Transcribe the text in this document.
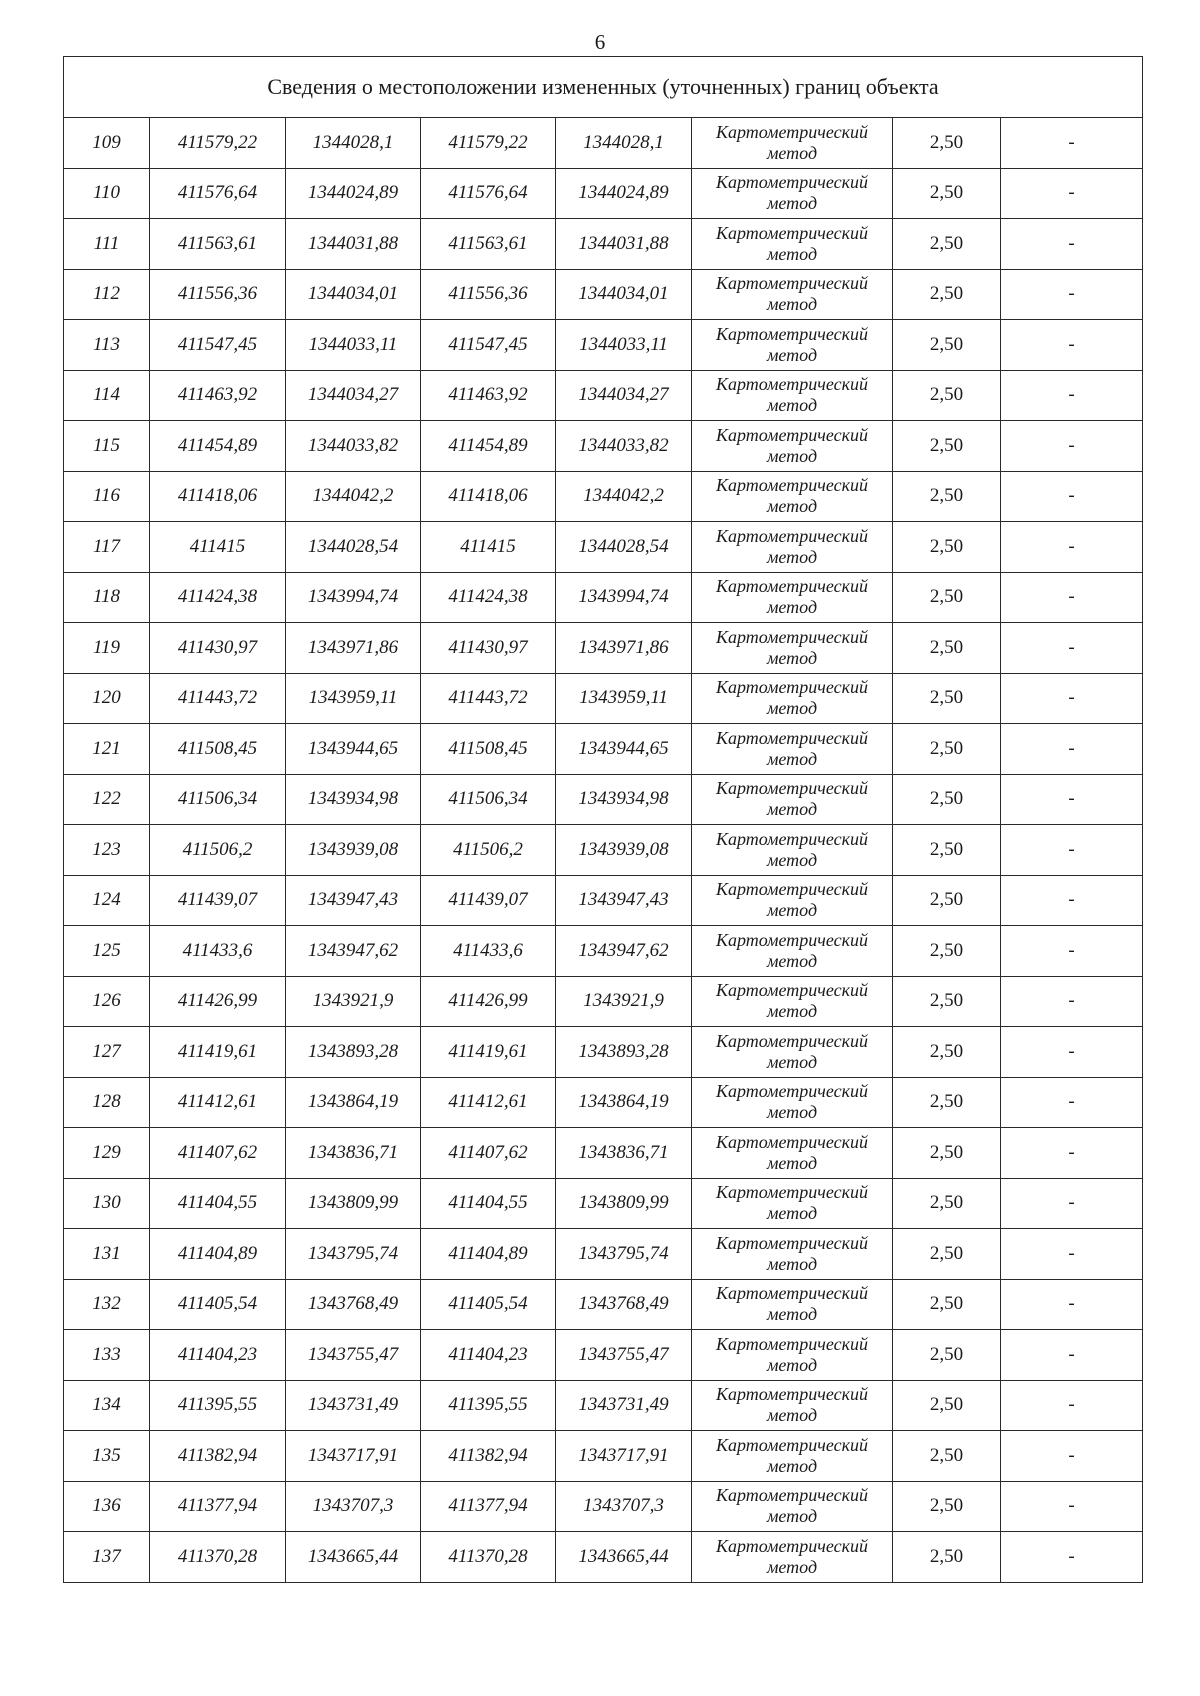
6
Сведения о местоположении измененных (уточненных) границ объекта							
109	411579,22	1344028,1	411579,22	1344028,1	Картометрический метод	2,50	-
110	411576,64	1344024,89	411576,64	1344024,89	Картометрический метод	2,50	-
111	411563,61	1344031,88	411563,61	1344031,88	Картометрический метод	2,50	-
112	411556,36	1344034,01	411556,36	1344034,01	Картометрический метод	2,50	-
113	411547,45	1344033,11	411547,45	1344033,11	Картометрический метод	2,50	-
114	411463,92	1344034,27	411463,92	1344034,27	Картометрический метод	2,50	-
115	411454,89	1344033,82	411454,89	1344033,82	Картометрический метод	2,50	-
116	411418,06	1344042,2	411418,06	1344042,2	Картометрический метод	2,50	-
117	411415	1344028,54	411415	1344028,54	Картометрический метод	2,50	-
118	411424,38	1343994,74	411424,38	1343994,74	Картометрический метод	2,50	-
119	411430,97	1343971,86	411430,97	1343971,86	Картометрический метод	2,50	-
120	411443,72	1343959,11	411443,72	1343959,11	Картометрический метод	2,50	-
121	411508,45	1343944,65	411508,45	1343944,65	Картометрический метод	2,50	-
122	411506,34	1343934,98	411506,34	1343934,98	Картометрический метод	2,50	-
123	411506,2	1343939,08	411506,2	1343939,08	Картометрический метод	2,50	-
124	411439,07	1343947,43	411439,07	1343947,43	Картометрический метод	2,50	-
125	411433,6	1343947,62	411433,6	1343947,62	Картометрический метод	2,50	-
126	411426,99	1343921,9	411426,99	1343921,9	Картометрический метод	2,50	-
127	411419,61	1343893,28	411419,61	1343893,28	Картометрический метод	2,50	-
128	411412,61	1343864,19	411412,61	1343864,19	Картометрический метод	2,50	-
129	411407,62	1343836,71	411407,62	1343836,71	Картометрический метод	2,50	-
130	411404,55	1343809,99	411404,55	1343809,99	Картометрический метод	2,50	-
131	411404,89	1343795,74	411404,89	1343795,74	Картометрический метод	2,50	-
132	411405,54	1343768,49	411405,54	1343768,49	Картометрический метод	2,50	-
133	411404,23	1343755,47	411404,23	1343755,47	Картометрический метод	2,50	-
134	411395,55	1343731,49	411395,55	1343731,49	Картометрический метод	2,50	-
135	411382,94	1343717,91	411382,94	1343717,91	Картометрический метод	2,50	-
136	411377,94	1343707,3	411377,94	1343707,3	Картометрический метод	2,50	-
137	411370,28	1343665,44	411370,28	1343665,44	Картометрический метод	2,50	-
